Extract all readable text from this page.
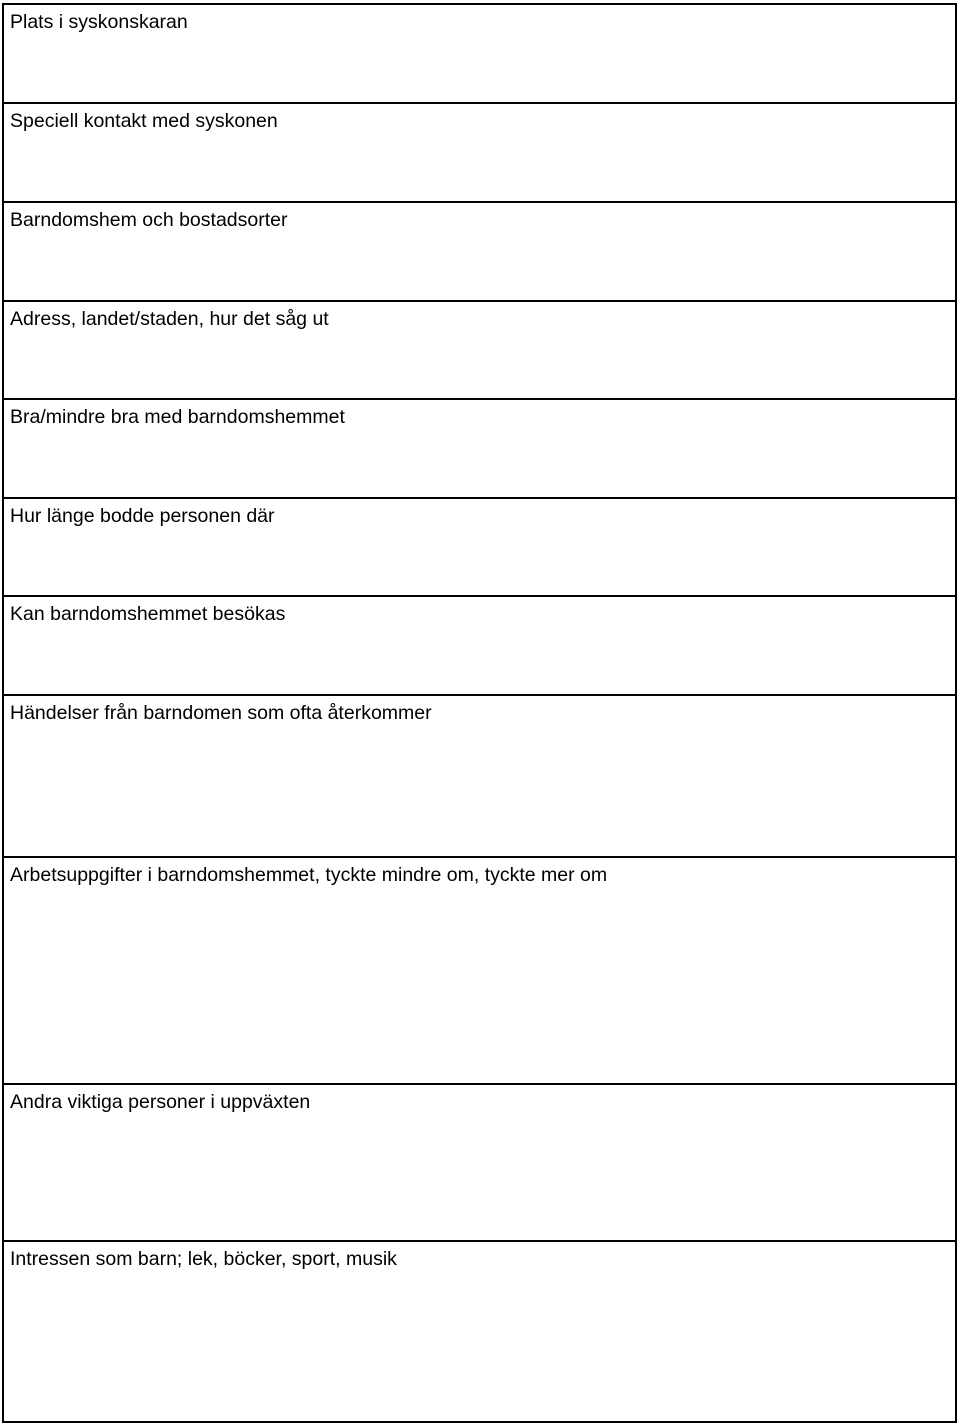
Plats i syskonskaran
Speciell kontakt med syskonen
Barndomshem och bostadsorter
Adress, landet/staden, hur det såg ut
Bra/mindre bra med barndomshemmet
Hur länge bodde personen där
Kan barndomshemmet besökas
Händelser från barndomen som ofta återkommer
Arbetsuppgifter i barndomshemmet, tyckte mindre om, tyckte mer om
Andra viktiga personer i uppväxten
Intressen som barn; lek, böcker, sport, musik
